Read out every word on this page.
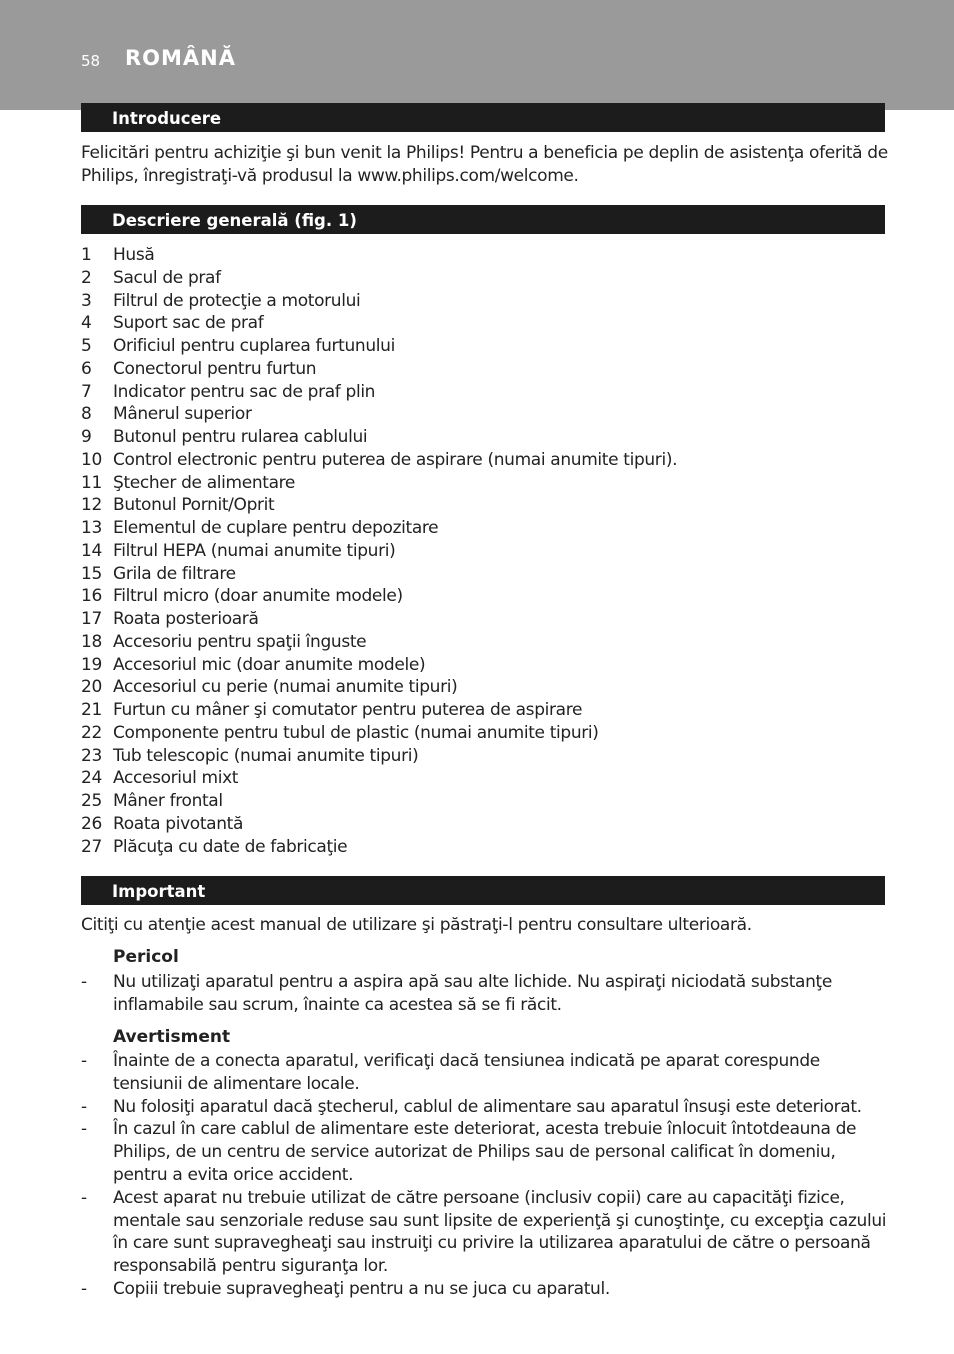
58 ROMÂNĂ
Introducere
Felicitări pentru achiziţie şi bun venit la Philips! Pentru a beneficia pe deplin de asistenţa oferită de Philips, înregistraţi-vă produsul la www.philips.com/welcome.
Descriere generală (fig. 1)
1	Husă
2	Sacul de praf
3	Filtrul de protecţie a motorului
4	Suport sac de praf
5	Orificiul pentru cuplarea furtunului
6	Conectorul pentru furtun
7	Indicator pentru sac de praf plin
8	Mânerul superior
9	Butonul pentru rularea cablului
10 Control electronic pentru puterea de aspirare (numai anumite tipuri).
11 Ştecher de alimentare
12 Butonul Pornit/Oprit
13 Elementul de cuplare pentru depozitare
14 Filtrul HEPA (numai anumite tipuri)
15 Grila de filtrare
16 Filtrul micro (doar anumite modele)
17 Roata posterioară
18 Accesoriu pentru spaţii înguste
19 Accesoriul mic (doar anumite modele)
20 Accesoriul cu perie (numai anumite tipuri)
21 Furtun cu mâner şi comutator pentru puterea de aspirare
22 Componente pentru tubul de plastic (numai anumite tipuri)
23 Tub telescopic (numai anumite tipuri)
24 Accesoriul mixt
25 Mâner frontal
26 Roata pivotantă
27 Plăcuţa cu date de fabricaţie
Important
Citiţi cu atenţie acest manual de utilizare şi păstraţi-l pentru consultare ulterioară.
Pericol
- Nu utilizaţi aparatul pentru a aspira apă sau alte lichide. Nu aspiraţi niciodată substanţe inflamabile sau scrum, înainte ca acestea să se fi răcit.
Avertisment
- Înainte de a conecta aparatul, verificaţi dacă tensiunea indicată pe aparat corespunde tensiunii de alimentare locale.
- Nu folosiţi aparatul dacă ştecherul, cablul de alimentare sau aparatul însuşi este deteriorat.
- În cazul în care cablul de alimentare este deteriorat, acesta trebuie înlocuit întotdeauna de Philips, de un centru de service autorizat de Philips sau de personal calificat în domeniu, pentru a evita orice accident.
- Acest aparat nu trebuie utilizat de către persoane (inclusiv copii) care au capacităţi fizice, mentale sau senzoriale reduse sau sunt lipsite de experienţă şi cunoştinţe, cu excepţia cazului în care sunt supravegheaţi sau instruiţi cu privire la utilizarea aparatului de către o persoană responsabilă pentru siguranţa lor.
- Copiii trebuie supravegheaţi pentru a nu se juca cu aparatul.
